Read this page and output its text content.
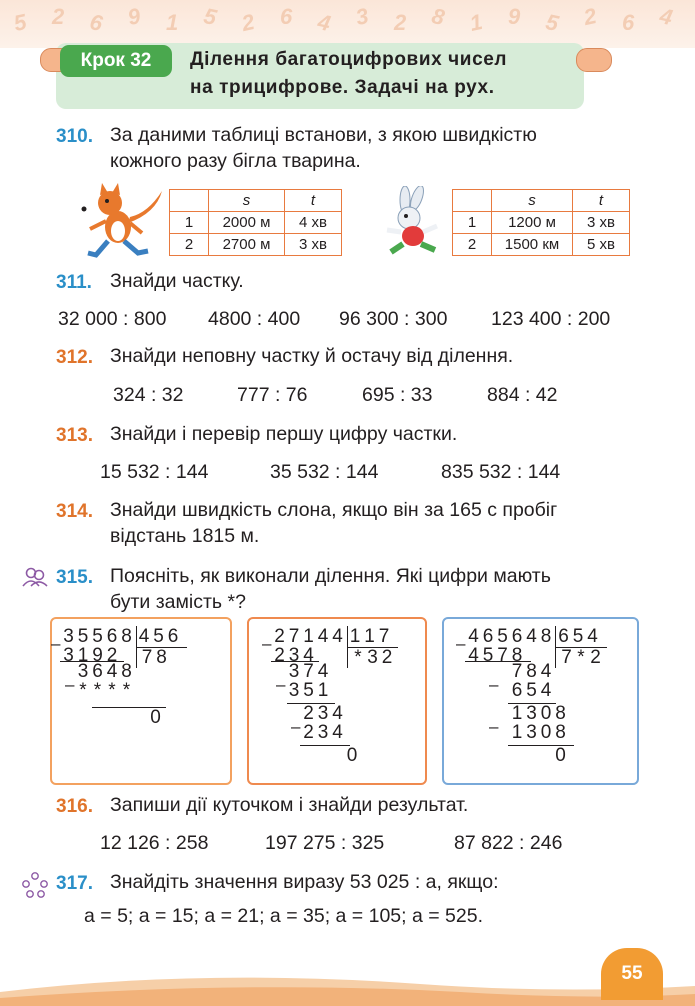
5 2 6 9 1 5 2 6 4 3 2 8 1 9 5 2 6 4
Крок 32	Ділення багатоцифрових чисел
на трицифрове. Задачі на рух.
310. За даними таблиці встанови, з якою швидкістю
кожного разу бігла тварина.
	s	t
1	2000 м	4 хв
2	2700 м	3 хв
	s	t
1	1200 м	3 хв
2	1500 км	5 хв
311. Знайди частку.
32 000 : 800 4800 : 400 96 300 : 300 123 400 : 200
312. Знайди неповну частку й остачу від ділення.
324 : 32	777 : 76	695 : 33	884 : 42
313. Знайди і перевір першу цифру частки.
15 532 : 144	35 532 : 144	835 532 : 144
314. Знайди швидкість слона, якщо він за 165 с пробіг
відстань 1815 м.
315. Поясніть, як виконали ділення. Які цифри мають
бути замість *?
316. Запиши дії куточком і знайди результат.
12 126 : 258	197 275 : 325	87 822 : 246
317. Знайдіть значення виразу 53 025 : a, якщо:
a = 5; a = 15; a = 21; a = 35; a = 105; a = 525.
55
3 5 5 6 8 4 5 6
7 8
–
3 1 9 2
3 6 4 8
– * * * *
0
2 7 1 4 4 1 1 7
* 3 2
–
2 3 4
3 7 4
– 3 5 1
2 3 4
– 2 3 4
0
4 6 5 6 4 8 6 5 4
7 * 2
–
4 5 7 8
7 8 4
– 6 5 4
1 3 0 8
– 1 3 0 8
0
